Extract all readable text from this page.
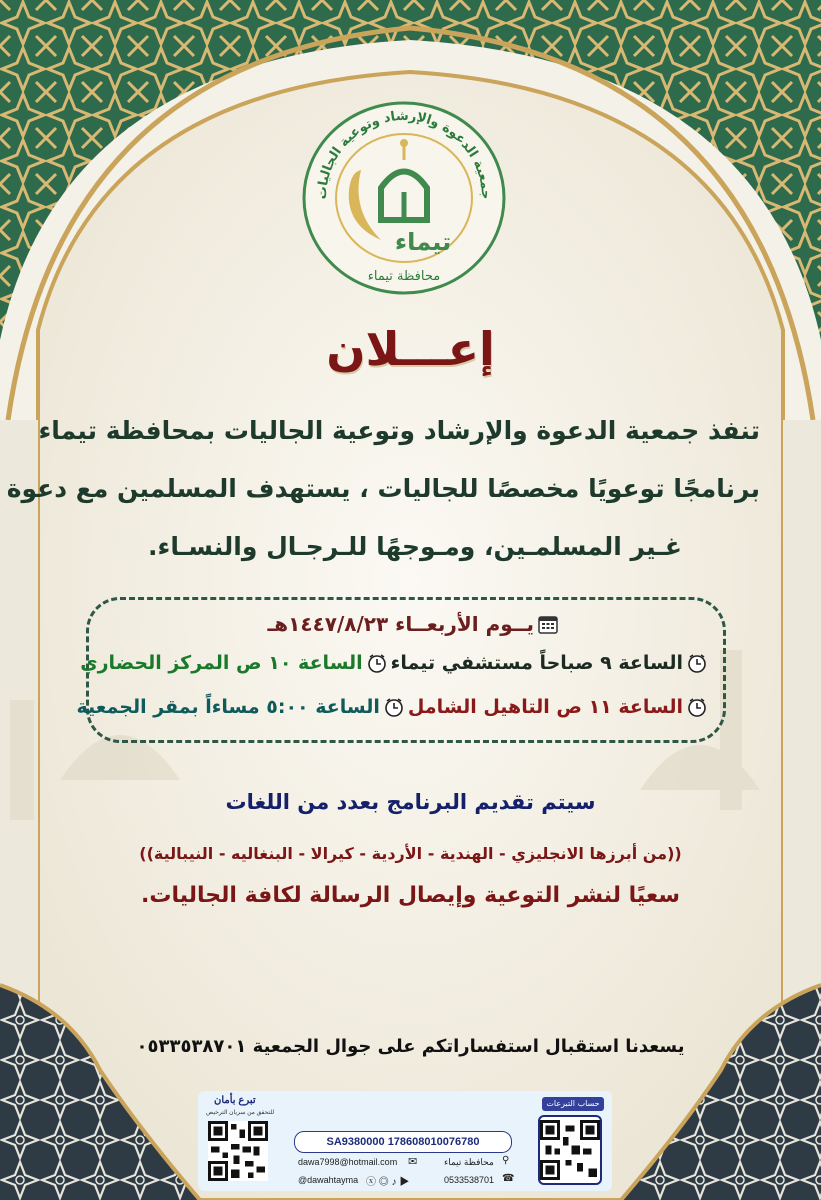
جمعية الدعوة والإرشاد وتوعية الجاليات
تيماء
محافظة تيماء
إعـــلان
تنفذ جمعية الدعوة والإرشاد وتوعية الجاليات بمحافظة تيماء
برنامجًا توعويًا مخصصًا للجاليات ، يستهدف المسلمين مع دعوة
غـير المسلمـين، ومـوجهًا للـرجـال والنسـاء.
يــوم الأربعــاء ١٤٤٧/٨/٢٣هـ
الساعة ٩ صباحاً مستشفي تيماء
الساعة ١٠ ص المركز الحضاري
الساعة ١١ ص التاهيل الشامل
الساعة ٥:٠٠ مساءاً بمقر الجمعية
سيتم تقديم البرنامج بعدد من اللغات
((من أبرزها الانجليزي - الهندية - الأردية - كيرالا - البنغاليه - النيبالية))
سعيًا لنشر التوعية وإيصال الرسالة لكافة الجاليات.
يسعدنا استقبال استفساراتكم على جوال الجمعية ٠٥٣٣٥٣٨٧٠١
تبرع بأمان
للتحقق من سريان الترخيص
حساب التبرعات
SA9380000 178608010076780
dawa7998@hotmail.com ✉	محافظة تيماء ⚲
@dawahtayma ⓧ ◎ ♪ ▶	0533538701 ☎
